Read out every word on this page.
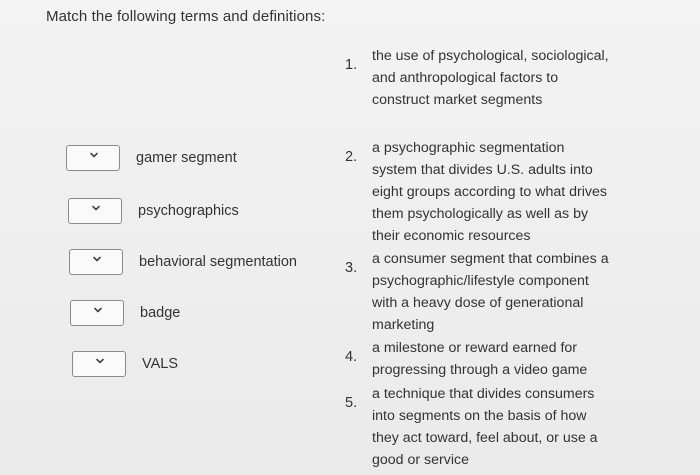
Match the following terms and definitions:
gamer segment
psychographics
behavioral segmentation
badge
VALS
1.
the use of psychological, sociological, and anthropological factors to construct market segments
2.
a psychographic segmentation system that divides U.S. adults into eight groups according to what drives them psychologically as well as by their economic resources
3.
a consumer segment that combines a psychographic/lifestyle component with a heavy dose of generational marketing
4.
a milestone or reward earned for progressing through a video game
5.
a technique that divides consumers into segments on the basis of how they act toward, feel about, or use a good or service
